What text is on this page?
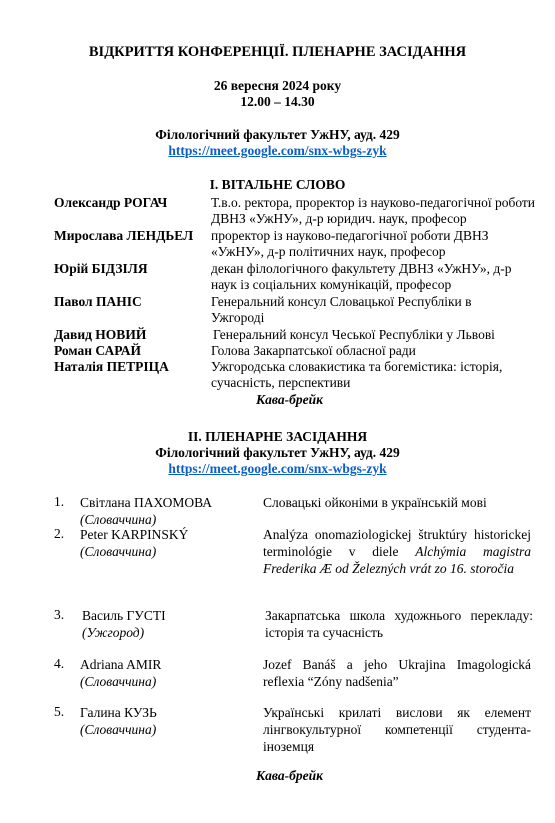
ВІДКРИТТЯ КОНФЕРЕНЦІЇ. ПЛЕНАРНЕ ЗАСІДАННЯ
26 вересня 2024 року
12.00 – 14.30
Філологічний факультет УжНУ, ауд. 429
https://meet.google.com/snx-wbgs-zyk
І. ВІТАЛЬНЕ СЛОВО
Олександр РОГАЧ	Т.в.о. ректора, проректор із науково-педагогічної роботи ДВНЗ «УжНУ», д-р юридич. наук, професор
Мирослава ЛЕНДЬЕЛ проректор із науково-педагогічної роботи ДВНЗ «УжНУ», д-р політичних наук, професор
Юрій БІДЗІЛЯ	декан філологічного факультету ДВНЗ «УжНУ», д-р наук із соціальних комунікацій, професор
Павол ПАНІС	Генеральний консул Словацької Республіки в Ужгороді
Давид НОВИЙ	Генеральний консул Чеської Республіки у Львові
Роман САРАЙ	Голова Закарпатської обласної ради
Наталія ПЕТРІЦА	Ужгородська словакистика та богемістика: історія, сучасність, перспективи
Кава-брейк
ІІ. ПЛЕНАРНЕ ЗАСІДАННЯ
Філологічний факультет УжНУ, ауд. 429
https://meet.google.com/snx-wbgs-zyk
1. Світлана ПАХОМОВА
(Словаччина)
Словацькі ойконіми в українській мові
2. Peter KARPINSKÝ
(Словаччина)
Analýza onomaziologickej štruktúry historickej terminológie v diele Alchýmia magistra Frederika Æ od Železných vrát zo 16. storočia
3. Василь ГУСТІ
(Ужгород)
Закарпатська школа художнього перекладу: історія та сучасність
4. Adriana AMIR
(Словаччина)
Jozef Banáš a jeho Ukrajina Imagologická reflexia “Zóny nadšenia”
5. Галина КУЗЬ
(Словаччина)
Українські крилаті вислови як елемент лінгвокультурної компетенції студента-іноземця
Кава-брейк
